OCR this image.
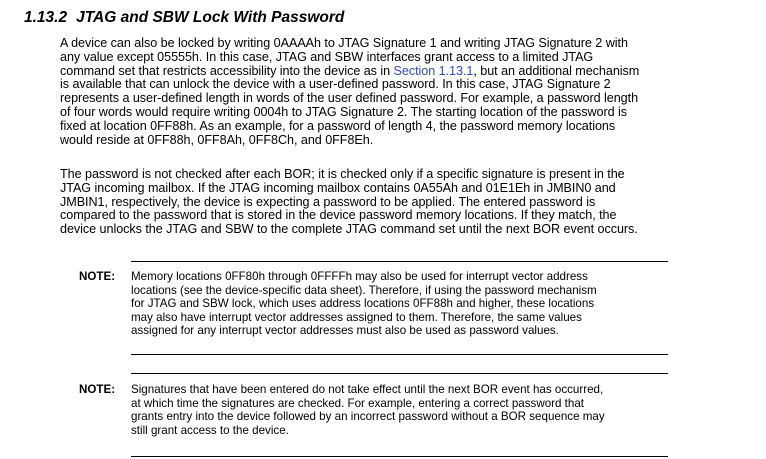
1.13.2 JTAG and SBW Lock With Password

A device can also be locked by writing 0AAAAh to JTAG Signature 1 and writing JTAG Signature 2 with
any value except 05555h. In this case, JTAG and SBW interfaces grant access to a limited JTAG
command set that restricts accessibility into the device as in Section 1.13.1, but an additional mechanism
is available that can unlock the device with a user-defined password. In this case, JTAG Signature 2
represents a user-defined length in words of the user defined password. For example, a password length
of four words would require writing 0004h to JTAG Signature 2. The starting location of the password is
fixed at location 0FF88h. As an example, for a password of length 4, the password memory locations
would reside at 0FF88h, 0FF8Ah, 0FF8Ch, and 0FF8Eh.

The password is not checked after each BOR; it is checked only if a specific signature is present in the
JTAG incoming mailbox. If the JTAG incoming mailbox contains 0A55Ah and 01E1Eh in JMBIN0 and
JMBIN1, respectively, the device is expecting a password to be applied. The entered password is
compared to the password that is stored in the device password memory locations. If they match, the
device unlocks the JTAG and SBW to the complete JTAG command set until the next BOR event occurs.

NOTE: Memory locations 0FF80h through 0FFFFh may also be used for interrupt vector address
locations (see the device-specific data sheet). Therefore, if using the password mechanism
for JTAG and SBW lock, which uses address locations 0FF88h and higher, these locations
may also have interrupt vector addresses assigned to them. Therefore, the same values
assigned for any interrupt vector addresses must also be used as password values.
NOTE: Signatures that have been entered do not take effect until the next BOR event has occurred,
at which time the signatures are checked. For example, entering a correct password that
grants entry into the device followed by an incorrect password without a BOR sequence may
still grant access to the device.
